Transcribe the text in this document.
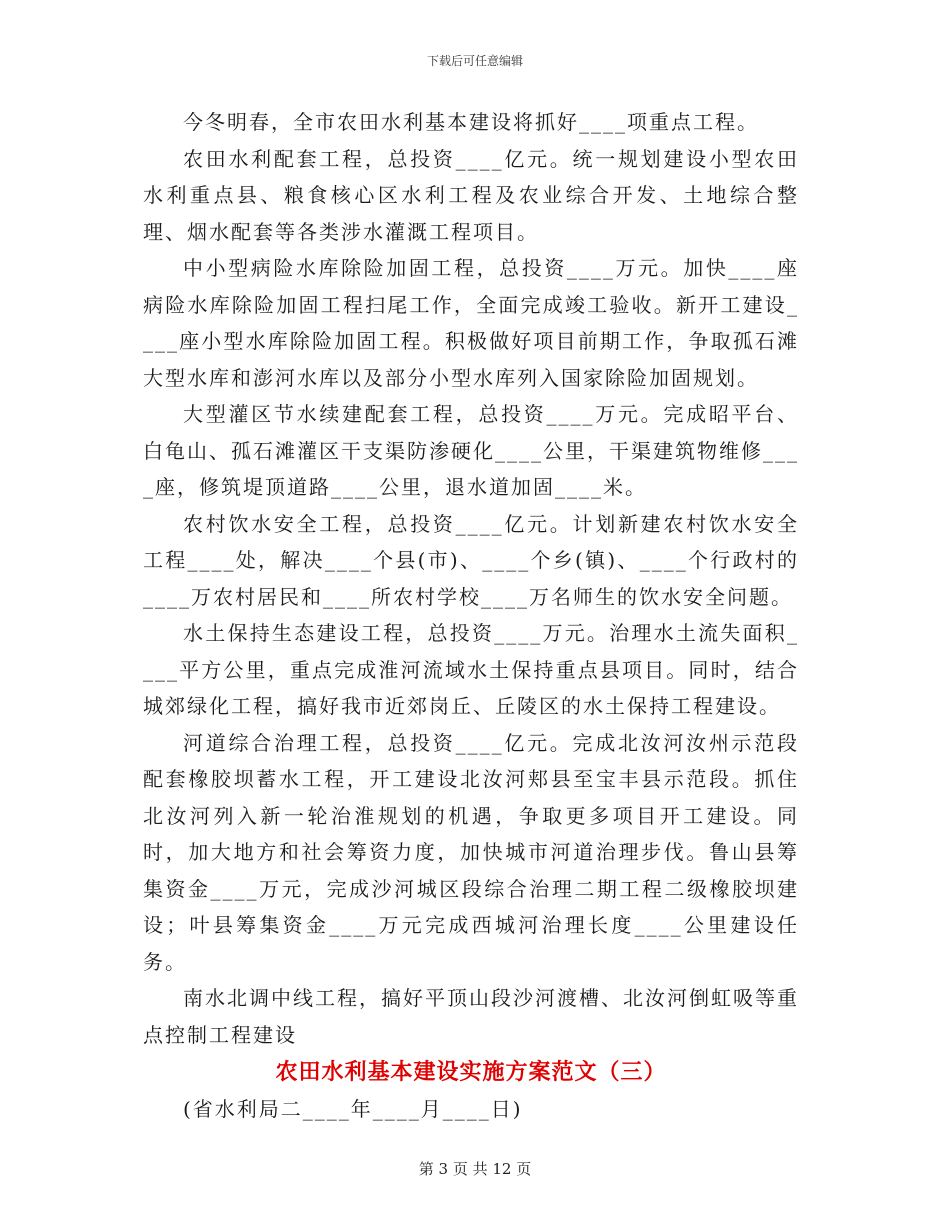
下载后可任意编辑

今冬明春，全市农田水利基本建设将抓好____项重点工程。

农田水利配套工程，总投资____亿元。统一规划建设小型农田水利重点县、粮食核心区水利工程及农业综合开发、土地综合整理、烟水配套等各类涉水灌溉工程项目。

中小型病险水库除险加固工程，总投资____万元。加快____座病险水库除险加固工程扫尾工作，全面完成竣工验收。新开工建设____座小型水库除险加固工程。积极做好项目前期工作，争取孤石滩大型水库和澎河水库以及部分小型水库列入国家除险加固规划。

大型灌区节水续建配套工程，总投资____万元。完成昭平台、白龟山、孤石滩灌区干支渠防渗硬化____公里，干渠建筑物维修____座，修筑堤顶道路____公里，退水道加固____米。

农村饮水安全工程，总投资____亿元。计划新建农村饮水安全工程____处，解决____个县(市)、____个乡(镇)、____个行政村的____万农村居民和____所农村学校____万名师生的饮水安全问题。

水土保持生态建设工程，总投资____万元。治理水土流失面积____平方公里，重点完成淮河流域水土保持重点县项目。同时，结合城郊绿化工程，搞好我市近郊岗丘、丘陵区的水土保持工程建设。

河道综合治理工程，总投资____亿元。完成北汝河汝州示范段配套橡胶坝蓄水工程，开工建设北汝河郏县至宝丰县示范段。抓住北汝河列入新一轮治淮规划的机遇，争取更多项目开工建设。同时，加大地方和社会筹资力度，加快城市河道治理步伐。鲁山县筹集资金____万元，完成沙河城区段综合治理二期工程二级橡胶坝建设；叶县筹集资金____万元完成西城河治理长度____公里建设任务。

南水北调中线工程，搞好平顶山段沙河渡槽、北汝河倒虹吸等重点控制工程建设

农田水利基本建设实施方案范文（三）

(省水利局二____年____月____日)

第 3 页 共 12 页
